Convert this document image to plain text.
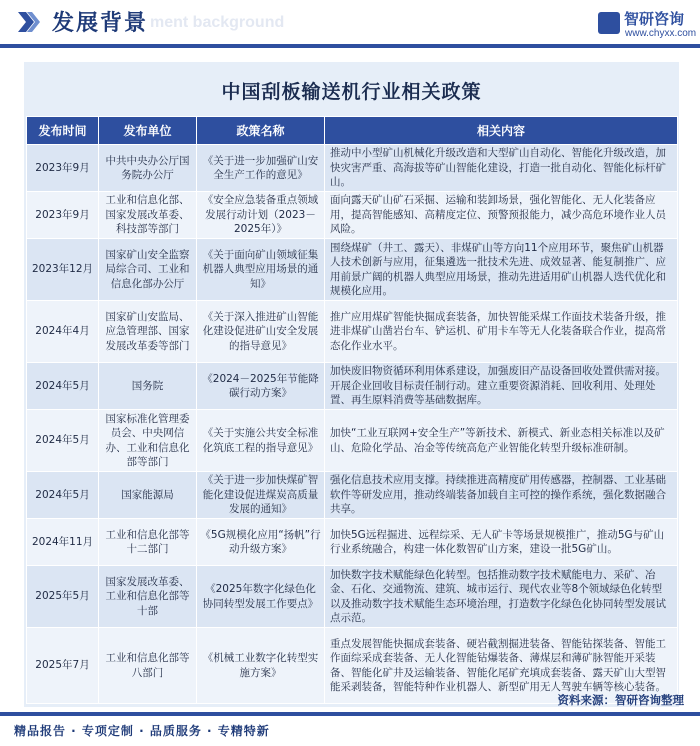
发展背景 ment background	智研咨询
www.chyxx.com
中国刮板输送机行业相关政策
发布时间	发布单位	政策名称	相关内容
2023年9月	中共中央办公厅国务院办公厅	《关于进一步加强矿山安全生产工作的意见》	推动中小型矿山机械化升级改造和大型矿山自动化、智能化升级改造，加快灾害严重、高海拔等矿山智能化建设，打造一批自动化、智能化标杆矿山。
2023年9月	工业和信息化部、国家发展改革委、科技部等部门	《安全应急装备重点领域发展行动计划（2023－2025年）》	面向露天矿山矿石采掘、运输和装卸场景，强化智能化、无人化装备应用，提高智能感知、高精度定位、预警预报能力，减少高危环境作业人员风险。
2023年12月	国家矿山安全监察局综合司、工业和信息化部办公厅	《关于面向矿山领域征集机器人典型应用场景的通知》	围绕煤矿（井工、露天）、非煤矿山等方向11个应用环节，聚焦矿山机器人技术创新与应用，征集遴选一批技术先进、成效显著、能复制推广、应用前景广阔的机器人典型应用场景，推动先进适用矿山机器人迭代优化和规模化应用。
2024年4月	国家矿山安监局、应急管理部、国家发展改革委等部门	《关于深入推进矿山智能化建设促进矿山安全发展的指导意见》	推广应用煤矿智能快掘成套装备，加快智能采煤工作面技术装备升级，推进非煤矿山凿岩台车、铲运机、矿用卡车等无人化装备联合作业，提高常态化作业水平。
2024年5月	国务院	《2024－2025年节能降碳行动方案》	加快废旧物资循环利用体系建设，加强废旧产品设备回收处置供需对接。开展企业回收目标责任制行动。建立重要资源消耗、回收利用、处理处置、再生原料消费等基础数据库。
2024年5月	国家标准化管理委员会、中央网信办、工业和信息化部等部门	《关于实施公共安全标准化筑底工程的指导意见》	加快“工业互联网+安全生产”等新技术、新模式、新业态相关标准以及矿山、危险化学品、冶金等传统高危产业智能化转型升级标准研制。
2024年5月	国家能源局	《关于进一步加快煤矿智能化建设促进煤炭高质量发展的通知》	强化信息技术应用支撑。持续推进高精度矿用传感器，控制器、工业基础软件等研发应用，推动终端装备加载自主可控的操作系统，强化数据融合共享。
2024年11月	工业和信息化部等十二部门	《5G规模化应用“扬帆”行动升级方案》	加快5G远程掘进、远程综采、无人矿卡等场景规模推广，推动5G与矿山行业系统融合，构建一体化数智矿山方案，建设一批5G矿山。
2025年5月	国家发展改革委、工业和信息化部等十部	《2025年数字化绿色化协同转型发展工作要点》	加快数字技术赋能绿色化转型。包括推动数字技术赋能电力、采矿、冶金、石化、交通物流、建筑、城市运行、现代农业等8个领域绿色化转型以及推动数字技术赋能生态环境治理，打造数字化绿色化协同转型发展试点示范。
2025年7月	工业和信息化部等八部门	《机械工业数字化转型实施方案》	重点发展智能快掘成套装备、硬岩截割掘进装备、智能钻探装备、智能工作面综采成套装备、无人化智能钻爆装备、薄煤层和薄矿脉智能开采装备、智能化矿井及运输装备、智能化尾矿充填成套装备、露天矿山大型智能采剥装备，智能特种作业机器人、新型矿用无人驾驶车辆等核心装备。
精品报告 · 专项定制 · 品质服务 · 专精特新
资料来源：智研咨询整理
